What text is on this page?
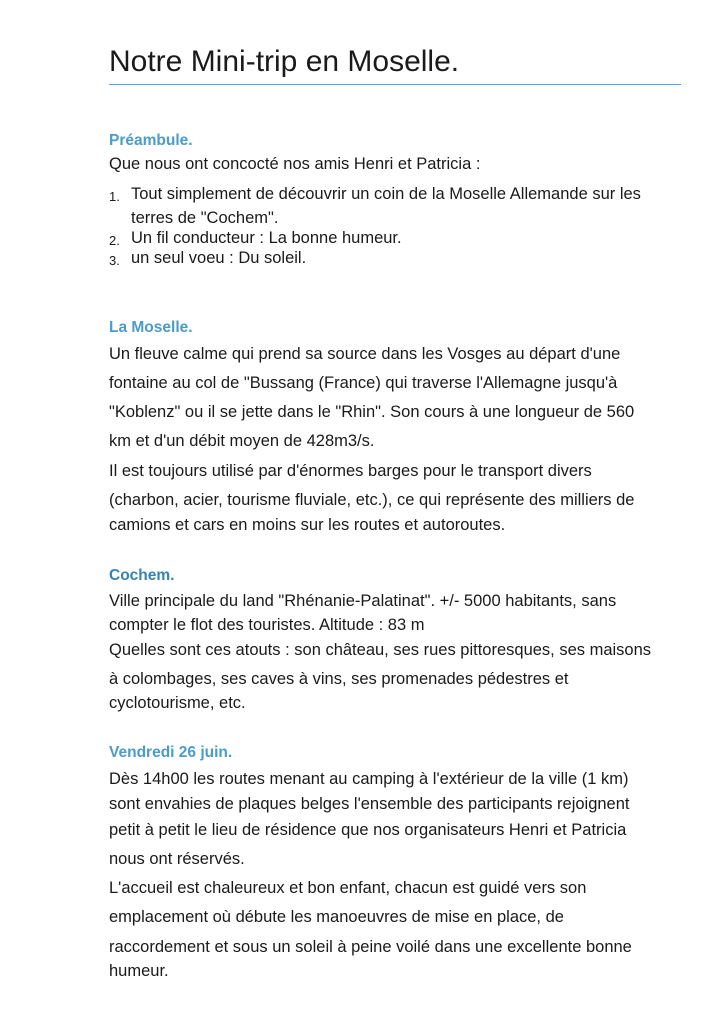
Notre Mini-trip en Moselle.
Préambule.
Que nous ont concocté nos amis Henri et Patricia :
1. Tout simplement de découvrir un coin de la Moselle Allemande sur les
terres de "Cochem".
2. Un fil conducteur : La bonne humeur.
3. un seul voeu : Du soleil.
La Moselle.
Un fleuve calme qui prend sa source dans les Vosges au départ d'une
fontaine au col de "Bussang (France) qui traverse l'Allemagne jusqu'à
"Koblenz" ou il se jette dans le "Rhin". Son cours à une longueur de 560
km et d'un débit moyen de 428m3/s.
Il est toujours utilisé par d'énormes barges pour le transport divers
(charbon, acier, tourisme fluviale, etc.), ce qui représente des milliers de
camions et cars en moins sur les routes et autoroutes.
Cochem.
Ville principale du land "Rhénanie-Palatinat". +/- 5000 habitants, sans
compter le flot des touristes. Altitude : 83 m
Quelles sont ces atouts : son château, ses rues pittoresques, ses maisons
à colombages, ses caves à vins, ses promenades pédestres et
cyclotourisme, etc.
Vendredi 26 juin.
Dès 14h00 les routes menant au camping à l'extérieur de la ville (1 km)
sont envahies de plaques belges l'ensemble des participants rejoignent
petit à petit le lieu de résidence que nos organisateurs Henri et Patricia
nous ont réservés.
L'accueil est chaleureux et bon enfant, chacun est guidé vers son
emplacement où débute les manoeuvres de mise en place, de
raccordement et sous un soleil à peine voilé dans une excellente bonne
humeur.
